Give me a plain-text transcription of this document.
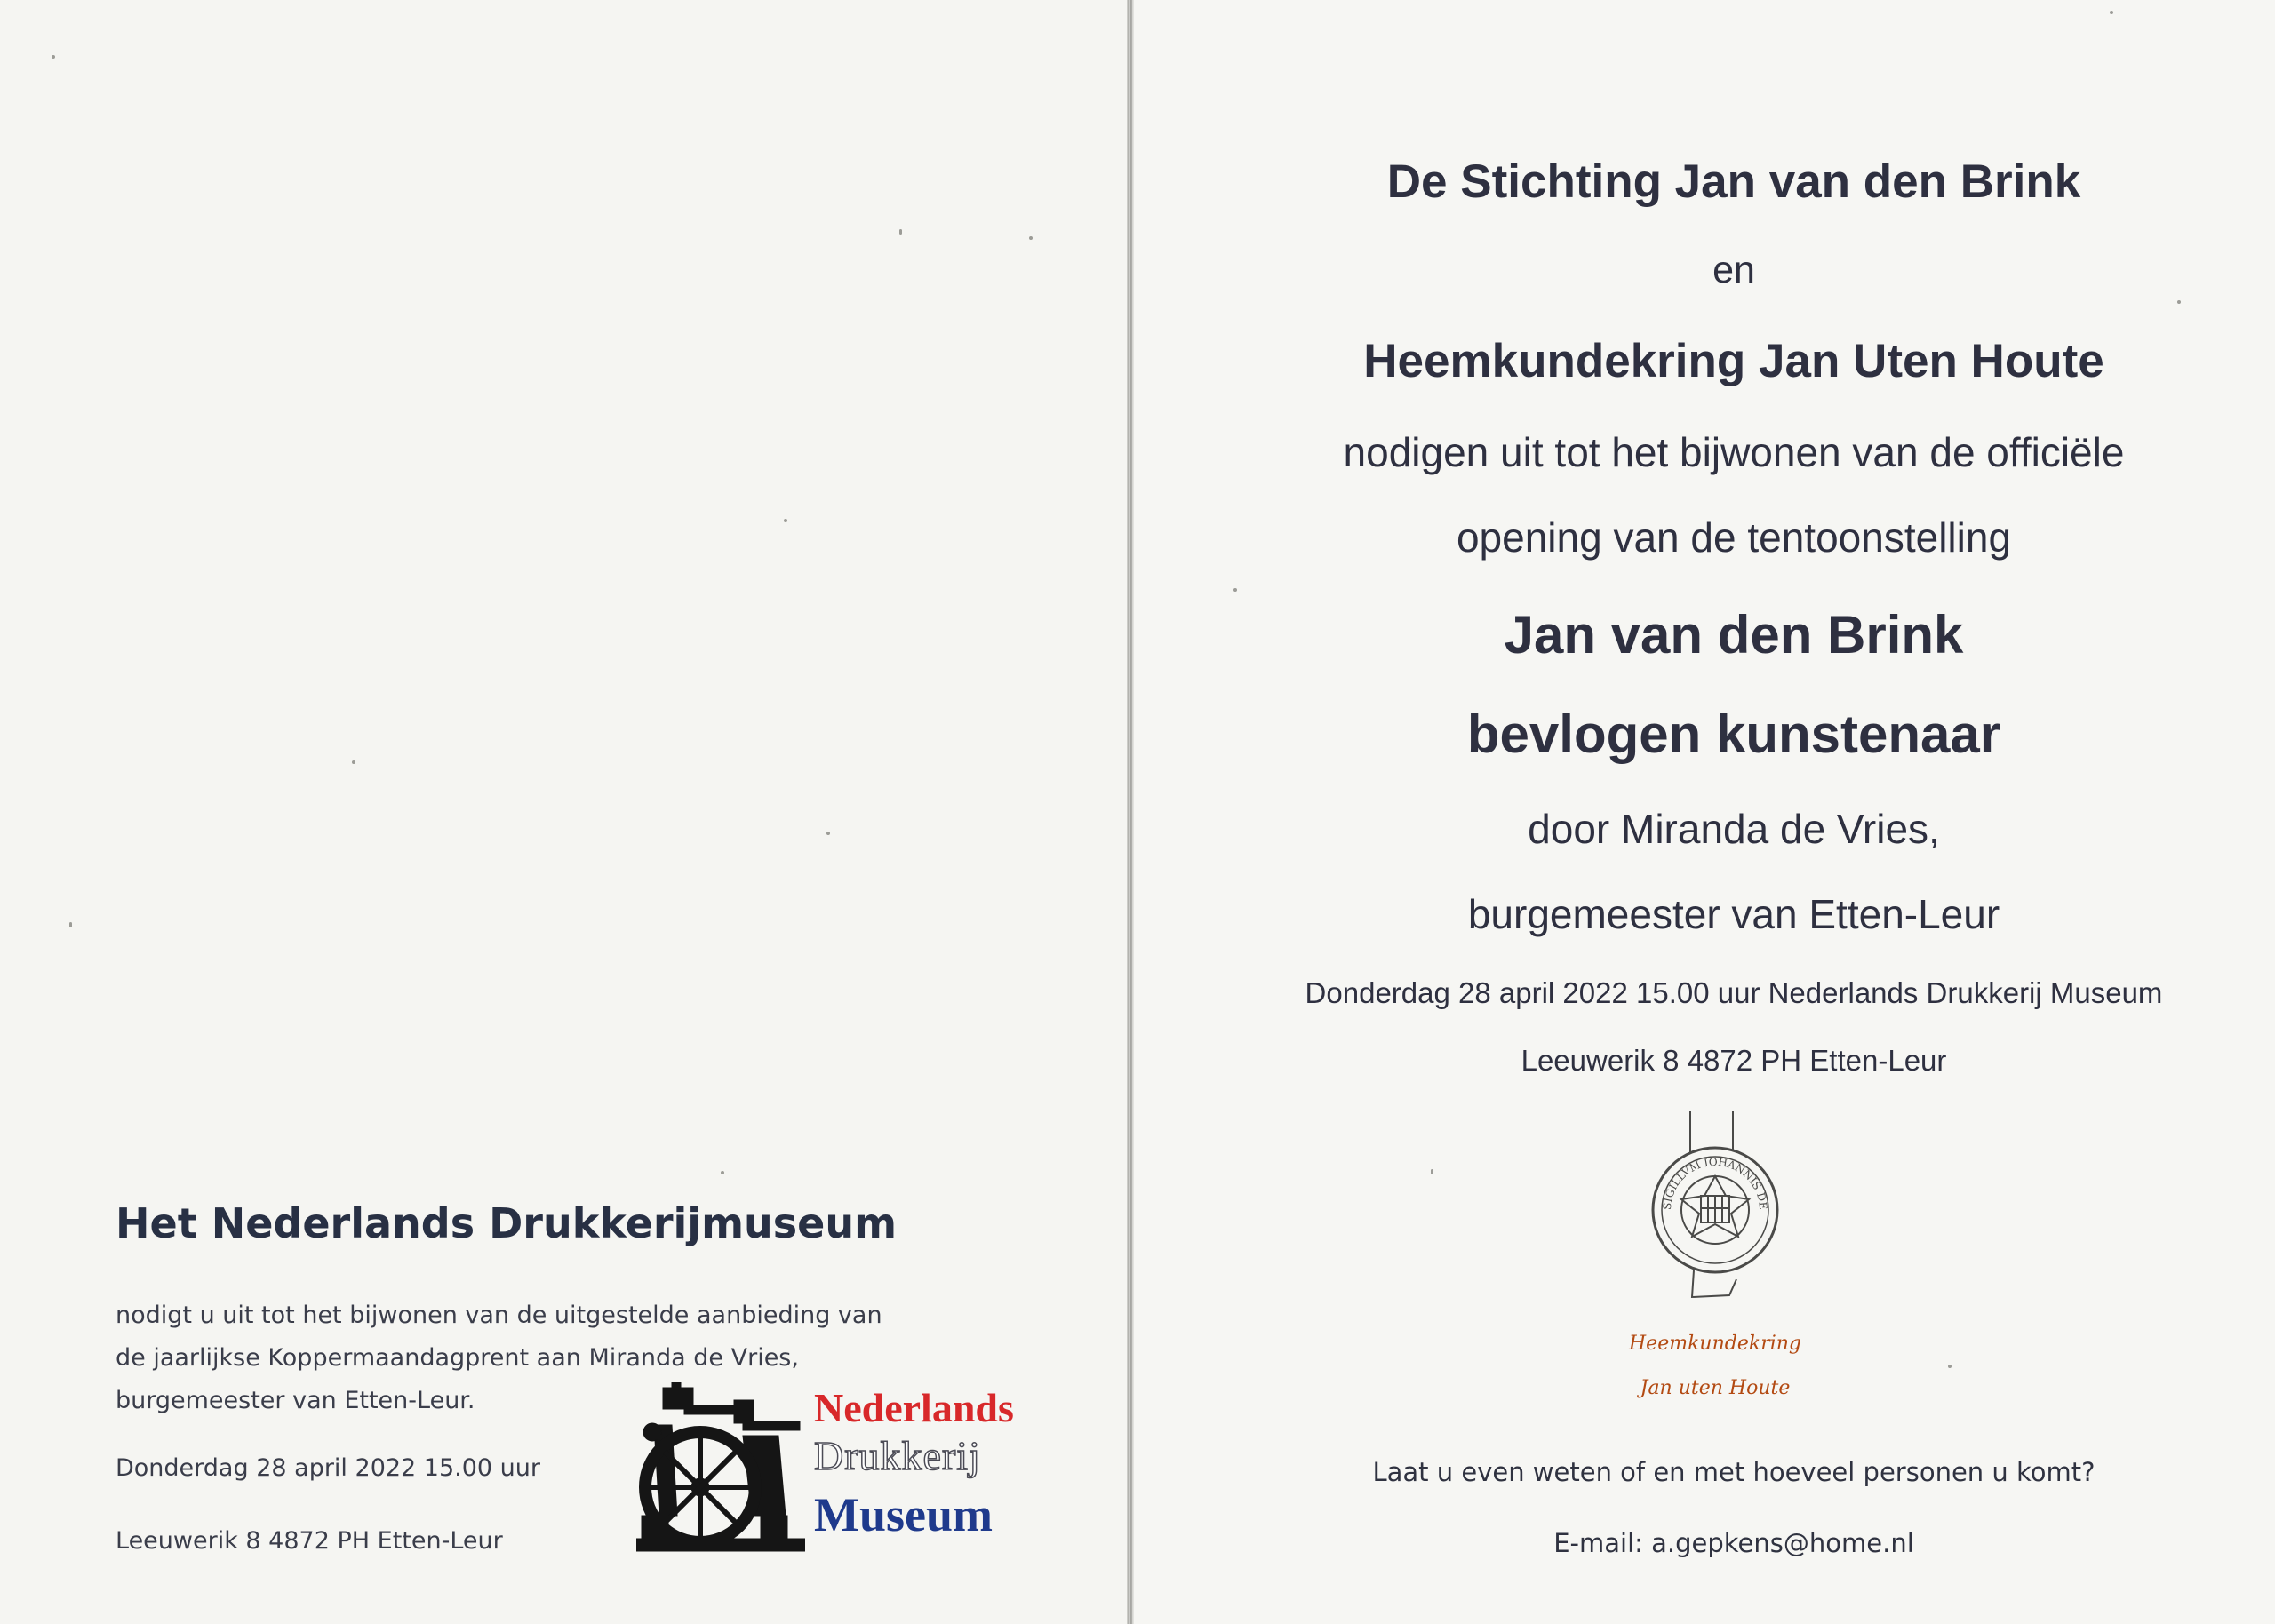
Het Nederlands Drukkerijmuseum

nodigt u uit tot het bijwonen van de uitgestelde aanbieding van

de jaarlijkse Koppermaandagprent aan Miranda de Vries,

burgemeester van Etten-Leur.

Donderdag 28 april 2022 15.00 uur

Leeuwerik 8 4872 PH Etten-Leur

Nederlands
Drukkerij
Museum

De Stichting Jan van den Brink

en

Heemkundekring Jan Uten Houte

nodigen uit tot het bijwonen van de officiële

opening van de tentoonstelling

Jan van den Brink

bevlogen kunstenaar

door Miranda de Vries,

burgemeester van Etten-Leur

Donderdag 28 april 2022 15.00 uur Nederlands Drukkerij Museum

Leeuwerik 8 4872 PH Etten-Leur

SIGILLVM IOHANNIS DE
Heemkundekring
Jan uten Houte

Laat u even weten of en met hoeveel personen u komt?

E-mail: a.gepkens@home.nl
